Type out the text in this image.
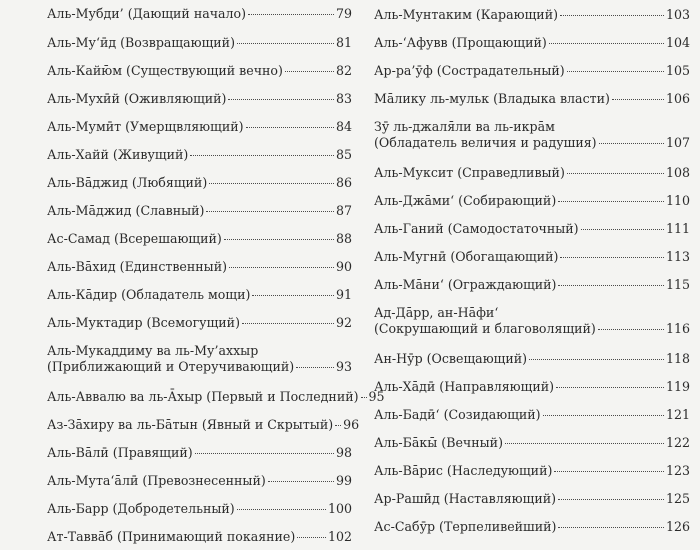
Аль-Мубди’ (Дающий начало)	79
Аль-Му‘ӣд (Возвращающий)	81
Аль-Кайю̄м (Существующий вечно)	82
Аль-Мухӣй (Оживляющий)	83
Аль-Мумӣт (Умерщвляющий)	84
Аль-Хайй (Живущий)	85
Аль-Ва̄джид (Любящий)	86
Аль-Ма̄джид (Славный)	87
Ас-Самад (Всерешающий)	88
Аль-Ва̄хид (Единственный)	90
Аль-Ка̄дир (Обладатель мощи)	91
Аль-Муктадир (Всемогущий)	92
Аль-Мукаддиму ва ль-Му’аххыр
(Приближающий и Отеручивающий)	93
Аль-Аввалю ва ль-А̄хыр (Первый и Последний) 95
Аз-За̄хиру ва ль-Ба̄тын (Явный и Скрытый) 96
Аль-Ва̄лӣ (Правящий)	98
Аль-Мута‘а̄лӣ (Превознесенный)	99
Аль-Барр (Добродетельный)	100
Ат-Тавва̄б (Принимающий покаяние)	102
Аль-Мунтаким (Карающий)	103
Аль-‘Афувв (Прощающий)	104
Ар-ра’ӯф (Сострадательный)	105
Ма̄лику ль-мульк (Владыка власти)	106
Зӯ ль-джаля̄ли ва ль-икра̄м
(Обладатель величия и радушия)	107
Аль-Муксит (Справедливый)	108
Аль-Джа̄ми‘ (Собирающий)	110
Аль-Ганий (Самодостаточный)	111
Аль-Мугнӣ (Обогащающий)	113
Аль-Ма̄ни‘ (Ограждающий)	115
Ад-Да̄рр, ан-На̄фи‘
(Сокрушающий и благоволящий)	116
Ан-Нӯр (Освещающий)	118
Аль-Ха̄дӣ (Направляющий)	119
Аль-Бадӣ‘ (Созидающий)	121
Аль-Ба̄кы̄ (Вечный)	122
Аль-Ва̄рис (Наследующий)	123
Ар-Рашӣд (Наставляющий)	125
Ас-Сабӯр (Терпеливейший)	126
